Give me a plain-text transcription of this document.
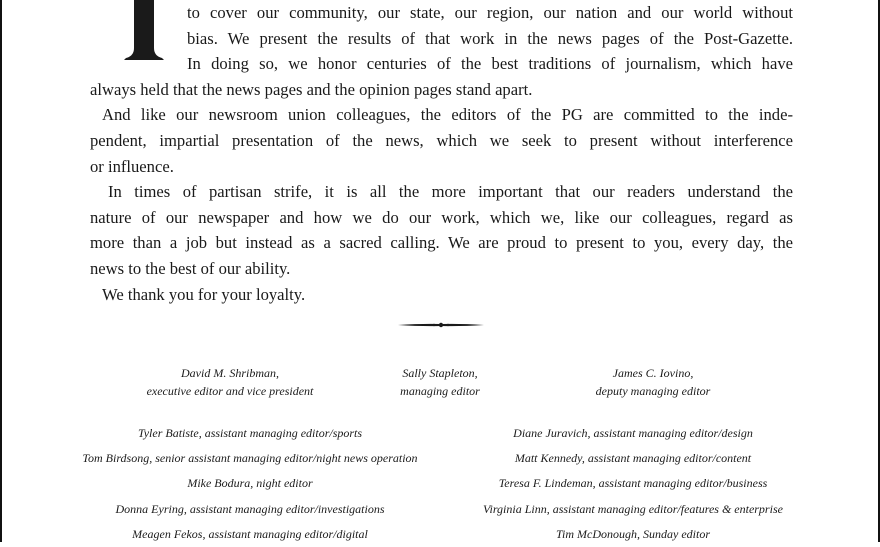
to cover our community, our state, our region, our nation and our world without
bias. We present the results of that work in the news pages of the Post-Gazette.
In doing so, we honor centuries of the best traditions of journalism, which have
always held that the news pages and the opinion pages stand apart.
And like our newsroom union colleagues, the editors of the PG are committed to the inde-
pendent, impartial presentation of the news, which we seek to present without interference
or influence.
In times of partisan strife, it is all the more important that our readers understand the
nature of our newspaper and how we do our work, which we, like our colleagues, regard as
more than a job but instead as a sacred calling. We are proud to present to you, every day, the
news to the best of our ability.
We thank you for your loyalty.
David M. Shribman,
executive editor and vice president
Sally Stapleton,
managing editor
James C. Iovino,
deputy managing editor
Tyler Batiste, assistant managing editor/sports
Tom Birdsong, senior assistant managing editor/night news operation
Mike Bodura, night editor
Donna Eyring, assistant managing editor/investigations
Meagen Fekos, assistant managing editor/digital
Diane Juravich, assistant managing editor/design
Matt Kennedy, assistant managing editor/content
Teresa F. Lindeman, assistant managing editor/business
Virginia Linn, assistant managing editor/features & enterprise
Tim McDonough, Sunday editor
